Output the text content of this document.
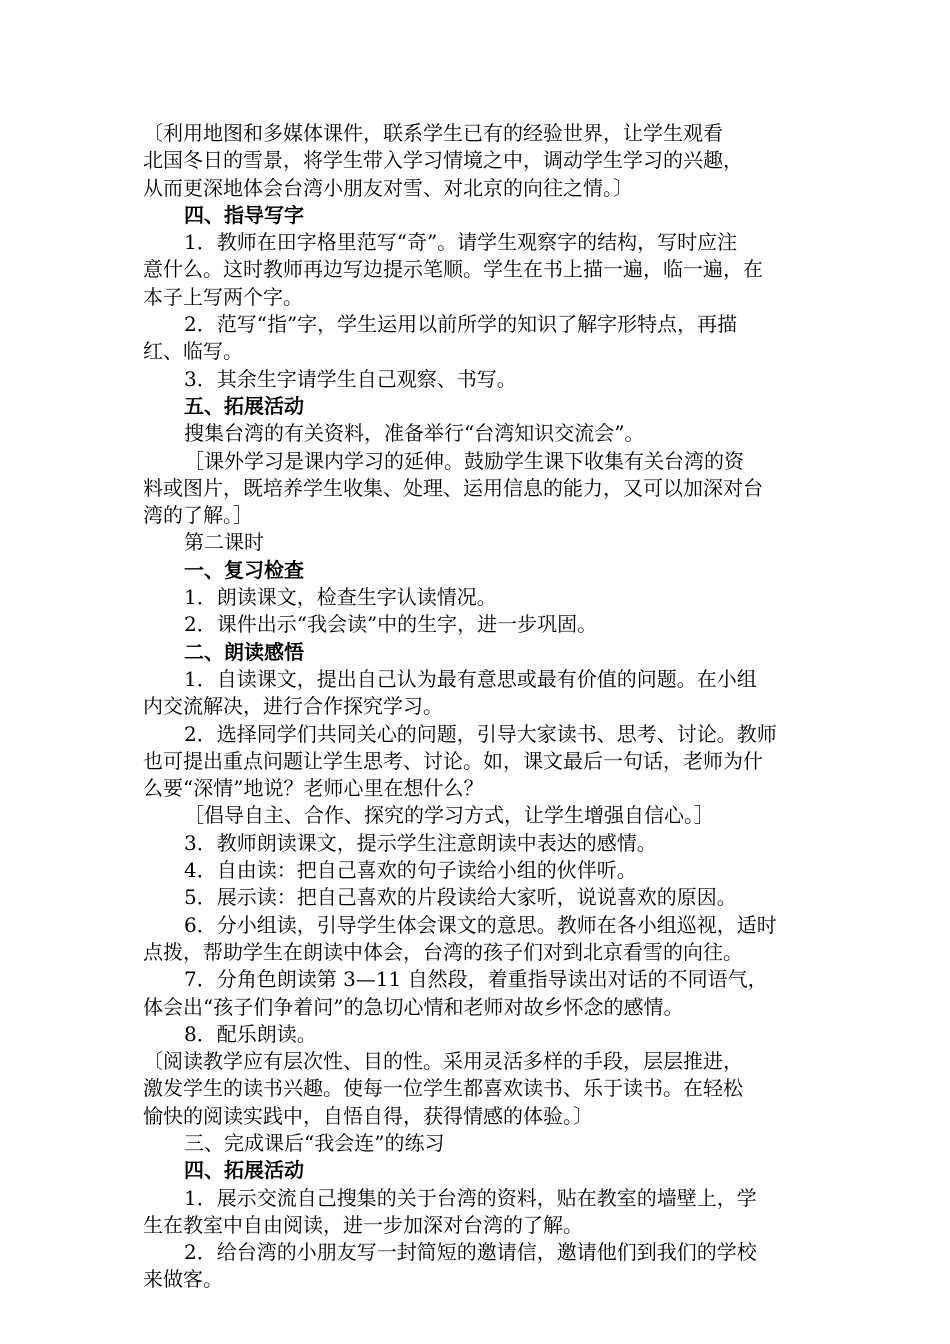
〔利用地图和多媒体课件，联系学生已有的经验世界，让学生观看

北国冬日的雪景，将学生带入学习情境之中，调动学生学习的兴趣，

从而更深地体会台湾小朋友对雪、对北京的向往之情。〕

四、指导写字

1．教师在田字格里范写“奇”。请学生观察字的结构，写时应注

意什么。这时教师再边写边提示笔顺。学生在书上描一遍，临一遍，在

本子上写两个字。

2．范写“指”字，学生运用以前所学的知识了解字形特点，再描

红、临写。

3．其余生字请学生自己观察、书写。

五、拓展活动

搜集台湾的有关资料，准备举行“台湾知识交流会”。

［课外学习是课内学习的延伸。鼓励学生课下收集有关台湾的资

料或图片，既培养学生收集、处理、运用信息的能力，又可以加深对台

湾的了解。］

第二课时

一、复习检查

1．朗读课文，检查生字认读情况。

2．课件出示“我会读”中的生字，进一步巩固。

二、朗读感悟

1．自读课文，提出自己认为最有意思或最有价值的问题。在小组

内交流解决，进行合作探究学习。

2．选择同学们共同关心的问题，引导大家读书、思考、讨论。教师

也可提出重点问题让学生思考、讨论。如，课文最后一句话，老师为什

么要“深情”地说？老师心里在想什么？

［倡导自主、合作、探究的学习方式，让学生增强自信心。］

3．教师朗读课文，提示学生注意朗读中表达的感情。

4．自由读：把自己喜欢的句子读给小组的伙伴听。

5．展示读：把自己喜欢的片段读给大家听，说说喜欢的原因。

6．分小组读，引导学生体会课文的意思。教师在各小组巡视，适时

点拨，帮助学生在朗读中体会，台湾的孩子们对到北京看雪的向往。

7．分角色朗读第 3—11 自然段，着重指导读出对话的不同语气，

体会出“孩子们争着问”的急切心情和老师对故乡怀念的感情。

8．配乐朗读。

〔阅读教学应有层次性、目的性。采用灵活多样的手段，层层推进，

激发学生的读书兴趣。使每一位学生都喜欢读书、乐于读书。在轻松

愉快的阅读实践中，自悟自得，获得情感的体验。〕

三、完成课后“我会连”的练习

四、拓展活动

1．展示交流自己搜集的关于台湾的资料，贴在教室的墙壁上，学

生在教室中自由阅读，进一步加深对台湾的了解。

2．给台湾的小朋友写一封简短的邀请信，邀请他们到我们的学校

来做客。
